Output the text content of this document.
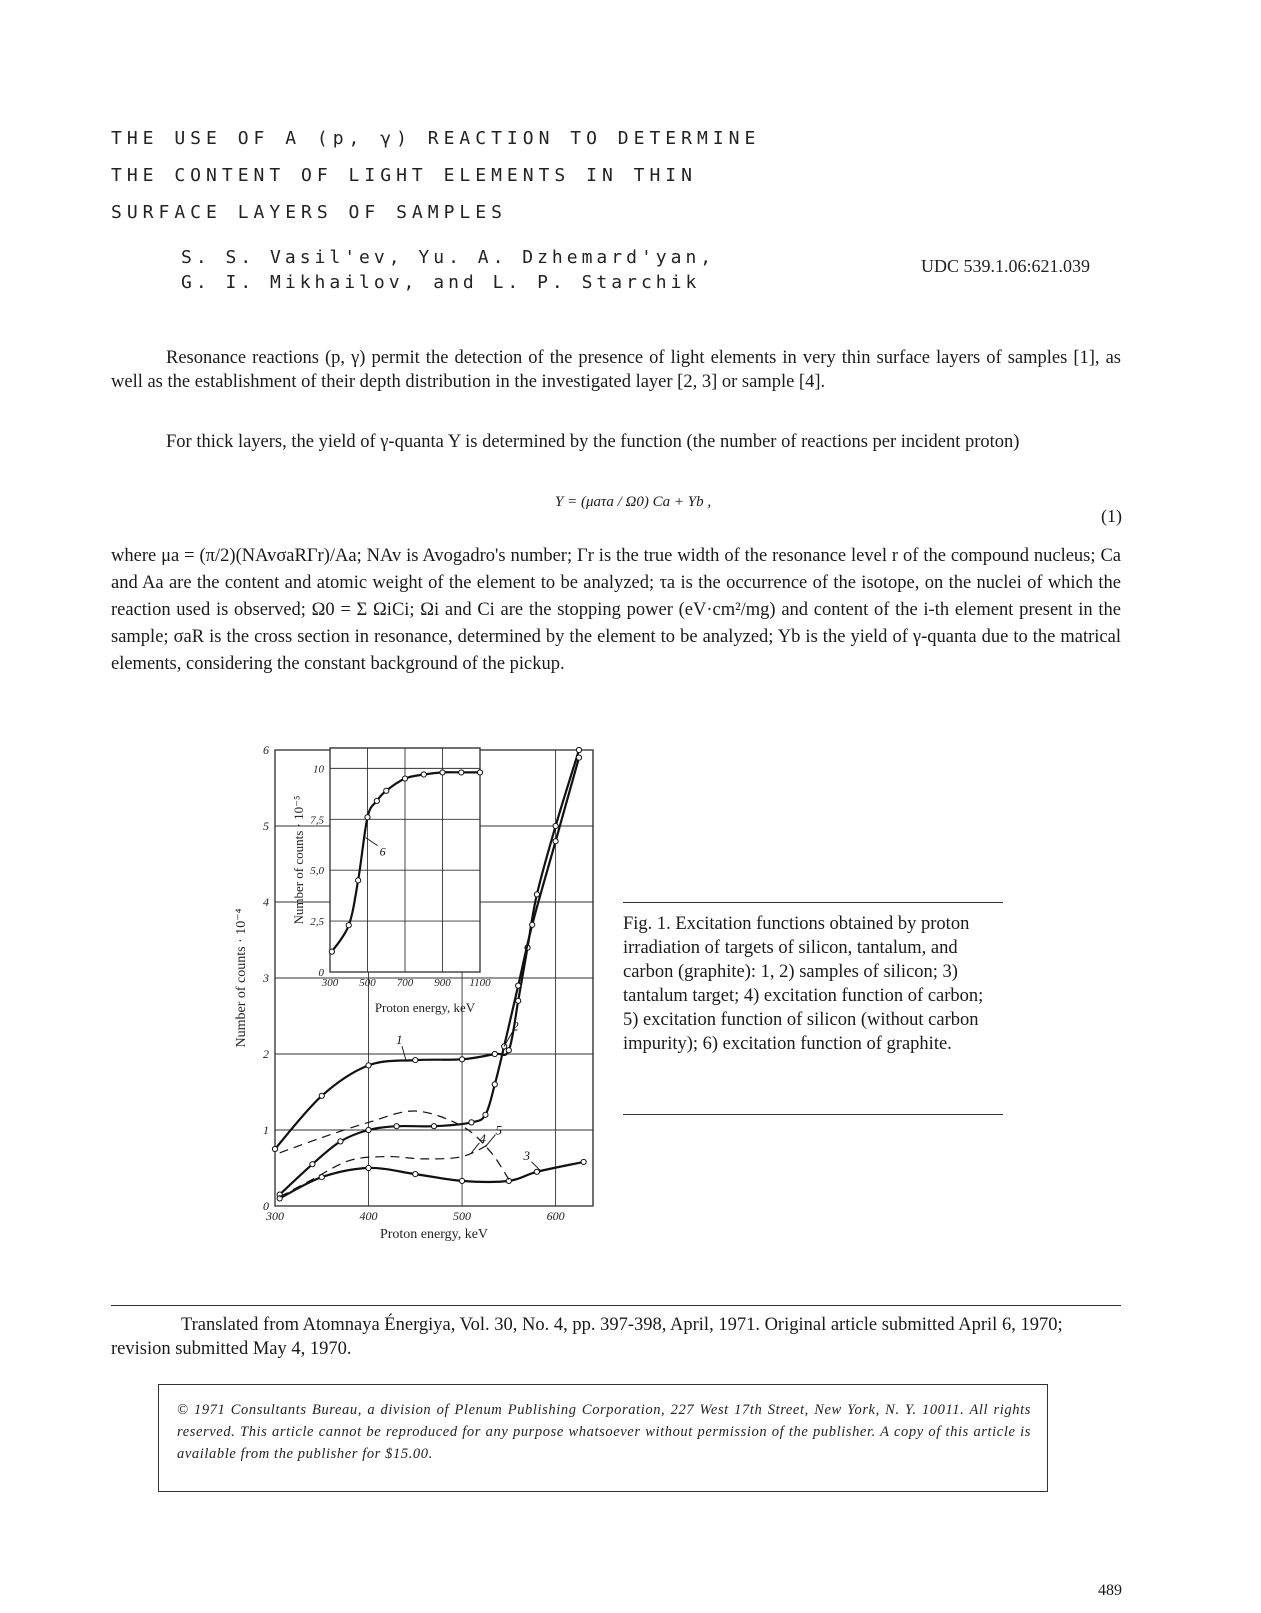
THE USE OF A (p, γ) REACTION TO DETERMINE
THE CONTENT OF LIGHT ELEMENTS IN THIN
SURFACE LAYERS OF SAMPLES
S. S. Vasil'ev, Yu. A. Dzhemard'yan,
G. I. Mikhailov, and L. P. Starchik
UDC 539.1.06:621.039

Resonance reactions (p, γ) permit the detection of the presence of light elements in very thin surface layers of samples [1], as well as the establishment of their depth distribution in the investigated layer [2, 3] or sample [4].

For thick layers, the yield of γ-quanta Y is determined by the function (the number of reactions per incident proton)

Y = (μaτa / Ω0) Ca + Yb ,
(1)
where μa = (π/2)(NAvσaRΓr)/Aa; NAv is Avogadro's number; Γr is the true width of the resonance level r of the compound nucleus; Ca and Aa are the content and atomic weight of the element to be analyzed; τa is the occurrence of the isotope, on the nuclei of which the reaction used is observed; Ω0 = Σ ΩiCi; Ωi and Ci are the stopping power (eV·cm²/mg) and content of the i-th element present in the sample; σaR is the cross section in resonance, determined by the element to be analyzed; Yb is the yield of γ-quanta due to the matrical elements, considering the constant background of the pickup.
300	400	500	600
0
1
2
3
4
5
6
Proton energy, keV
Number of counts · 10⁻⁴	1
2
3
4
5
300 500 700 900 1100
0
2,5
5,0
7,5
10
Proton energy, keV
Number of counts · 10⁻⁵	6
Fig. 1. Excitation functions obtained by proton irradiation of targets of silicon, tantalum, and carbon (graphite): 1, 2) samples of silicon; 3) tantalum target; 4) excitation function of carbon; 5) excitation function of silicon (without carbon impurity); 6) excitation function of graphite.

Translated from Atomnaya Énergiya, Vol. 30, No. 4, pp. 397-398, April, 1971. Original article submitted April 6, 1970; revision submitted May 4, 1970.

© 1971 Consultants Bureau, a division of Plenum Publishing Corporation, 227 West 17th Street, New York, N. Y. 10011. All rights reserved. This article cannot be reproduced for any purpose whatsoever without permission of the publisher. A copy of this article is available from the publisher for $15.00.
489
